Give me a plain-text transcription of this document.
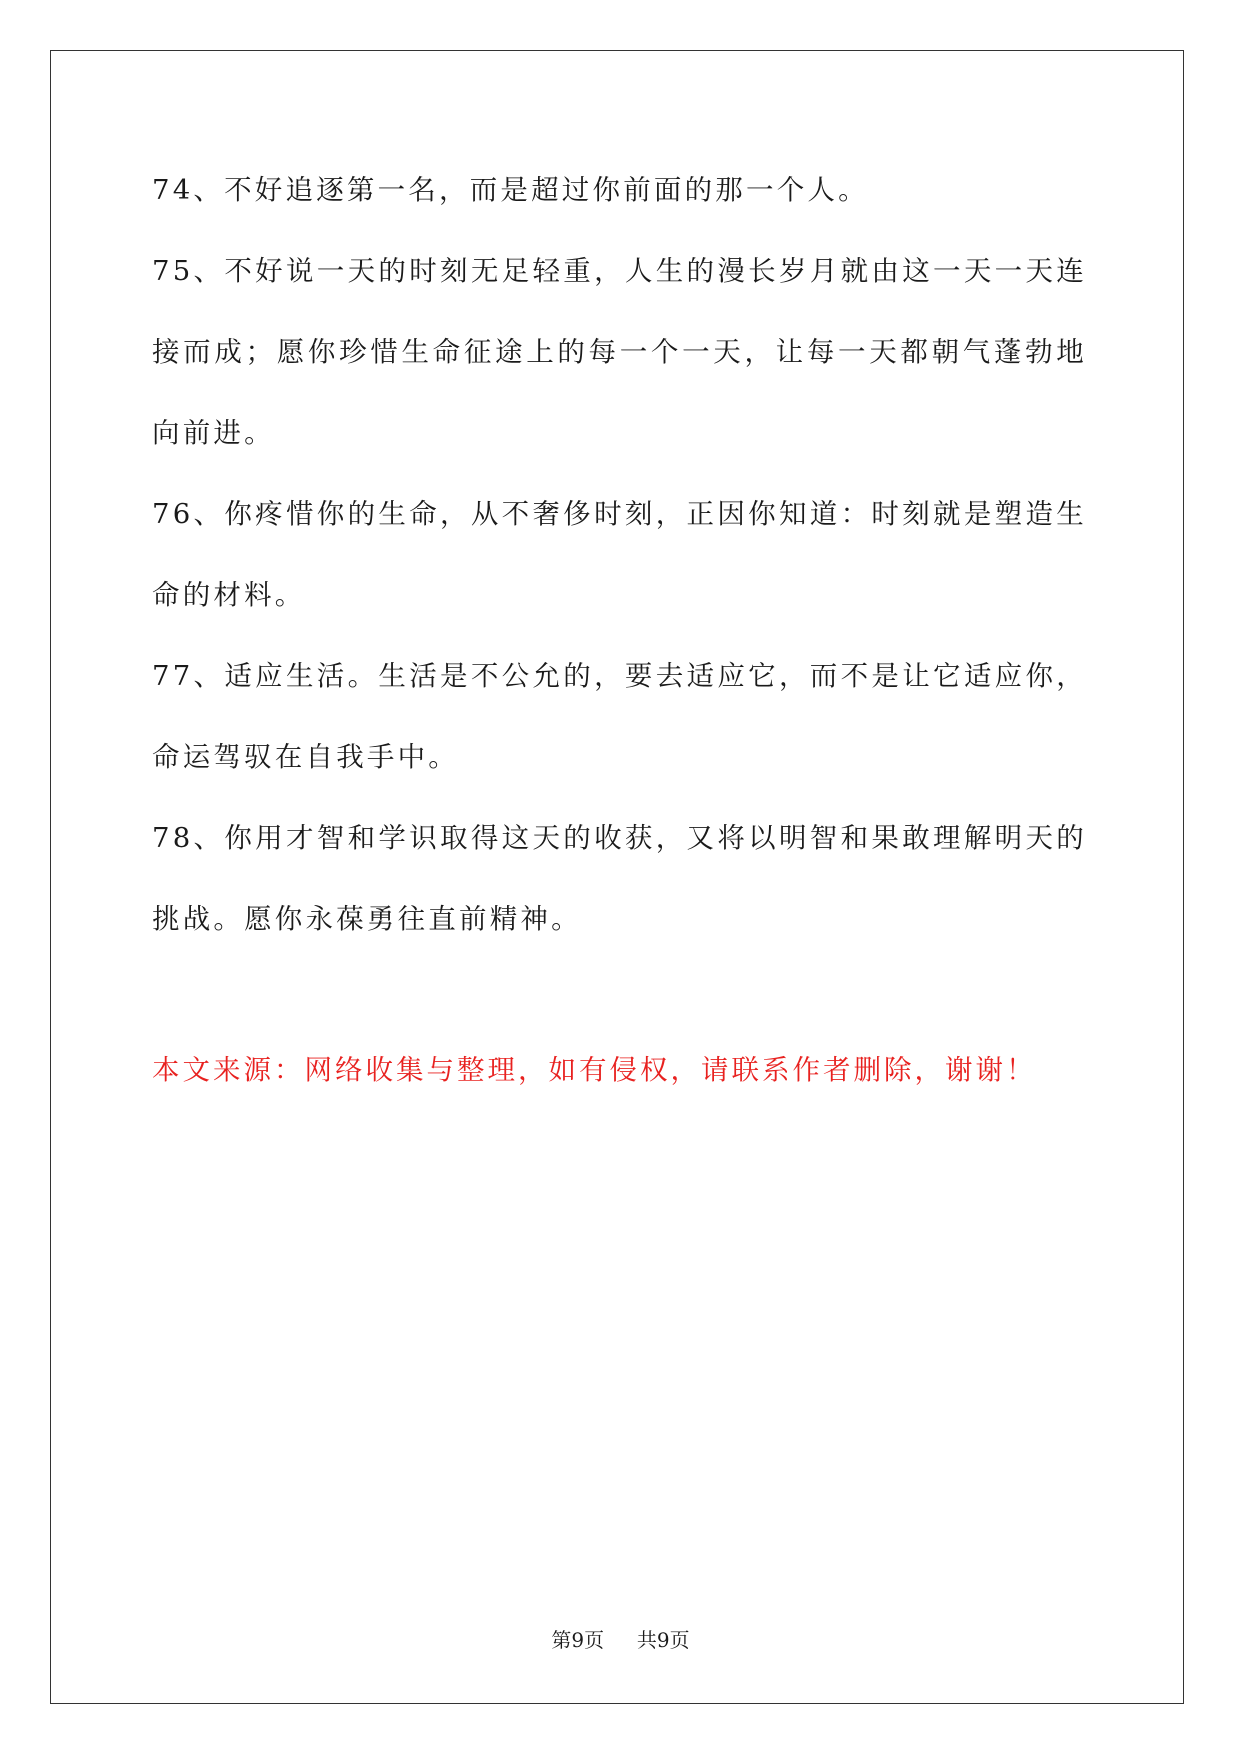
74、不好追逐第一名，而是超过你前面的那一个人。

75、不好说一天的时刻无足轻重，人生的漫长岁月就由这一天一天连接而成；愿你珍惜生命征途上的每一个一天，让每一天都朝气蓬勃地向前进。

76、你疼惜你的生命，从不奢侈时刻，正因你知道：时刻就是塑造生命的材料。

77、适应生活。生活是不公允的，要去适应它，而不是让它适应你，命运驾驭在自我手中。

78、你用才智和学识取得这天的收获，又将以明智和果敢理解明天的挑战。愿你永葆勇往直前精神。

本文来源：网络收集与整理，如有侵权，请联系作者删除，谢谢！

第9页 共9页
